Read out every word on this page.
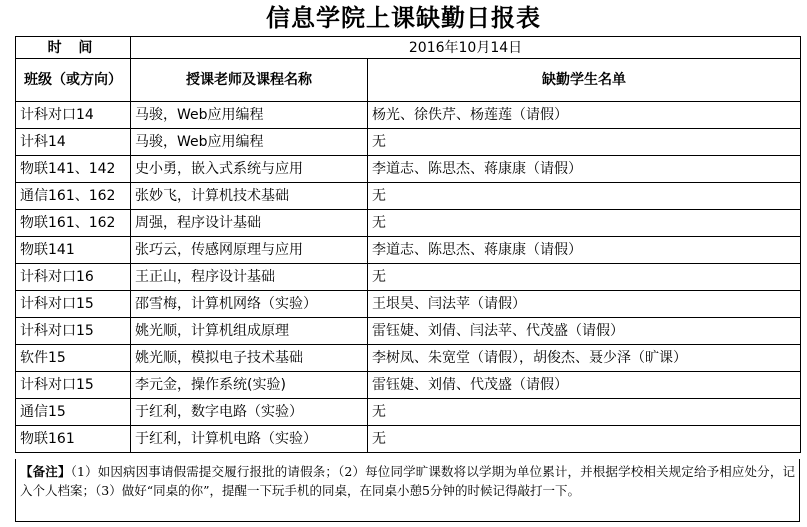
信息学院上课缺勤日报表
时 间	2016年10月14日	
班级（或方向）	授课老师及课程名称	缺勤学生名单
计科对口14	马骏，Web应用编程	杨光、徐佚芹、杨莲莲（请假）
计科14	马骏，Web应用编程	无
物联141、142	史小勇，嵌入式系统与应用	李道志、陈思杰、蒋康康（请假）
通信161、162	张妙飞，计算机技术基础	无
物联161、162	周强，程序设计基础	无
物联141	张巧云，传感网原理与应用	李道志、陈思杰、蒋康康（请假）
计科对口16	王正山，程序设计基础	无
计科对口15	邵雪梅，计算机网络（实验）	王垠昊、闫法苹（请假）
计科对口15	姚光顺，计算机组成原理	雷钰婕、刘倩、闫法苹、代茂盛（请假）
软件15	姚光顺，模拟电子技术基础	李树凤、朱宽堂（请假），胡俊杰、聂少泽（旷课）
计科对口15	李元金，操作系统(实验)	雷钰婕、刘倩、代茂盛（请假）
通信15	于红利，数字电路（实验）	无
物联161	于红利，计算机电路（实验）	无
【备注】（1）如因病因事请假需提交履行报批的请假条；（2）每位同学旷课数将以学期为单位累计，并根据学校相关规定给予相应处分，记入个人档案；（3）做好“同桌的你”，提醒一下玩手机的同桌，在同桌小憩5分钟的时候记得敲打一下。
